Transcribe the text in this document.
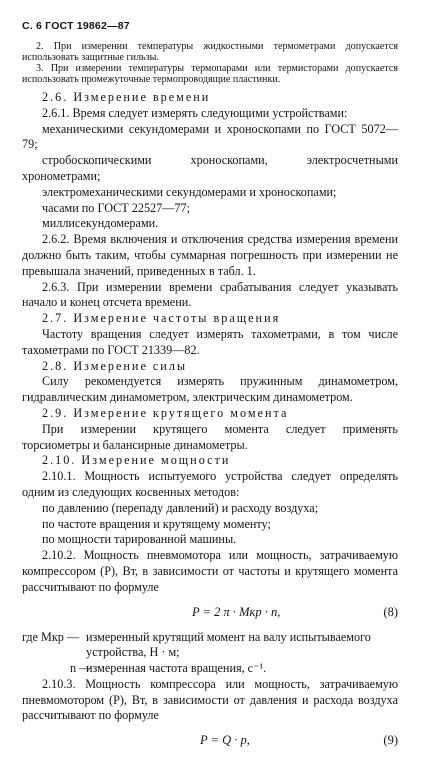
С. 6 ГОСТ 19862—87

2. При измерении температуры жидкостными термометрами допускается использовать защитные гильзы.

3. При измерении температуры термопарами или термисторами допускается использовать промежуточные термопроводящие пластинки.

2.6. Измерение времени

2.6.1. Время следует измерять следующими устройствами:

механическими секундомерами и хроноскопами по ГОСТ 5072—79;

стробоскопическими хроноскопами, электросчетными хронометрами;

электромеханическими секундомерами и хроноскопами;

часами по ГОСТ 22527—77;

миллисекундомерами.

2.6.2. Время включения и отключения средства измерения времени должно быть таким, чтобы суммарная погрешность при измерении не превышала значений, приведенных в табл. 1.

2.6.3. При измерении времени срабатывания следует указывать начало и конец отсчета времени.

2.7. Измерение частоты вращения

Частоту вращения следует измерять тахометрами, в том числе тахометрами по ГОСТ 21339—82.

2.8. Измерение силы

Силу рекомендуется измерять пружинным динамометром, гидравлическим динамометром, электрическим динамометром.

2.9. Измерение крутящего момента

При измерении крутящего момента следует применять торсиометры и балансирные динамометры.

2.10. Измерение мощности

2.10.1. Мощность испытуемого устройства следует определять одним из следующих косвенных методов:

по давлению (перепаду давлений) и расходу воздуха;

по частоте вращения и крутящему моменту;

по мощности тарированной машины.

2.10.2. Мощность пневмомотора или мощность, затрачиваемую компрессором (P), Вт, в зависимости от частоты и крутящего момента рассчитывают по формуле

P = 2 π · Mкр · n,	(8)
где Mкр — измеренный крутящий момент на валу испытываемого устройства, Н · м;
n —
измеренная частота вращения, с⁻¹.

2.10.3. Мощность компрессора или мощность, затрачиваемую пневмомотором (P), Вт, в зависимости от давления и расхода воздуха рассчитывают по формуле

P = Q · p,	(9)
